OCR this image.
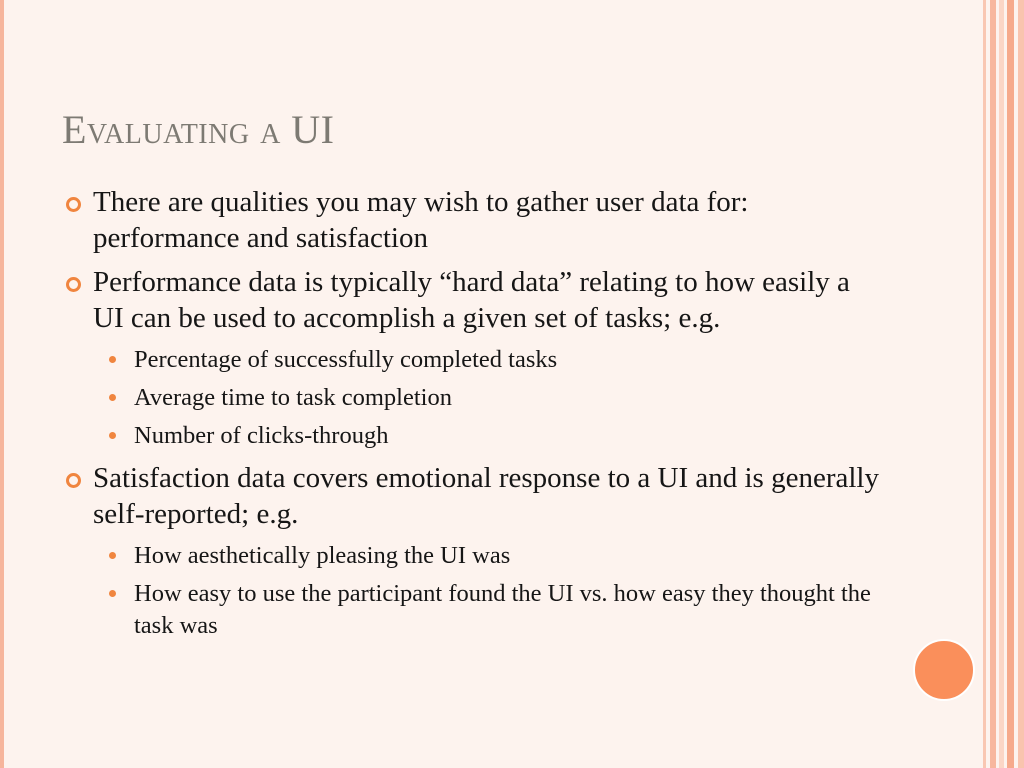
Evaluating a UI
There are qualities you may wish to gather user data for: performance and satisfaction
Performance data is typically “hard data” relating to how easily a UI can be used to accomplish a given set of tasks; e.g.
Percentage of successfully completed tasks
Average time to task completion
Number of clicks-through
Satisfaction data covers emotional response to a UI and is generally self-reported; e.g.
How aesthetically pleasing the UI was
How easy to use the participant found the UI vs. how easy they thought the task was
